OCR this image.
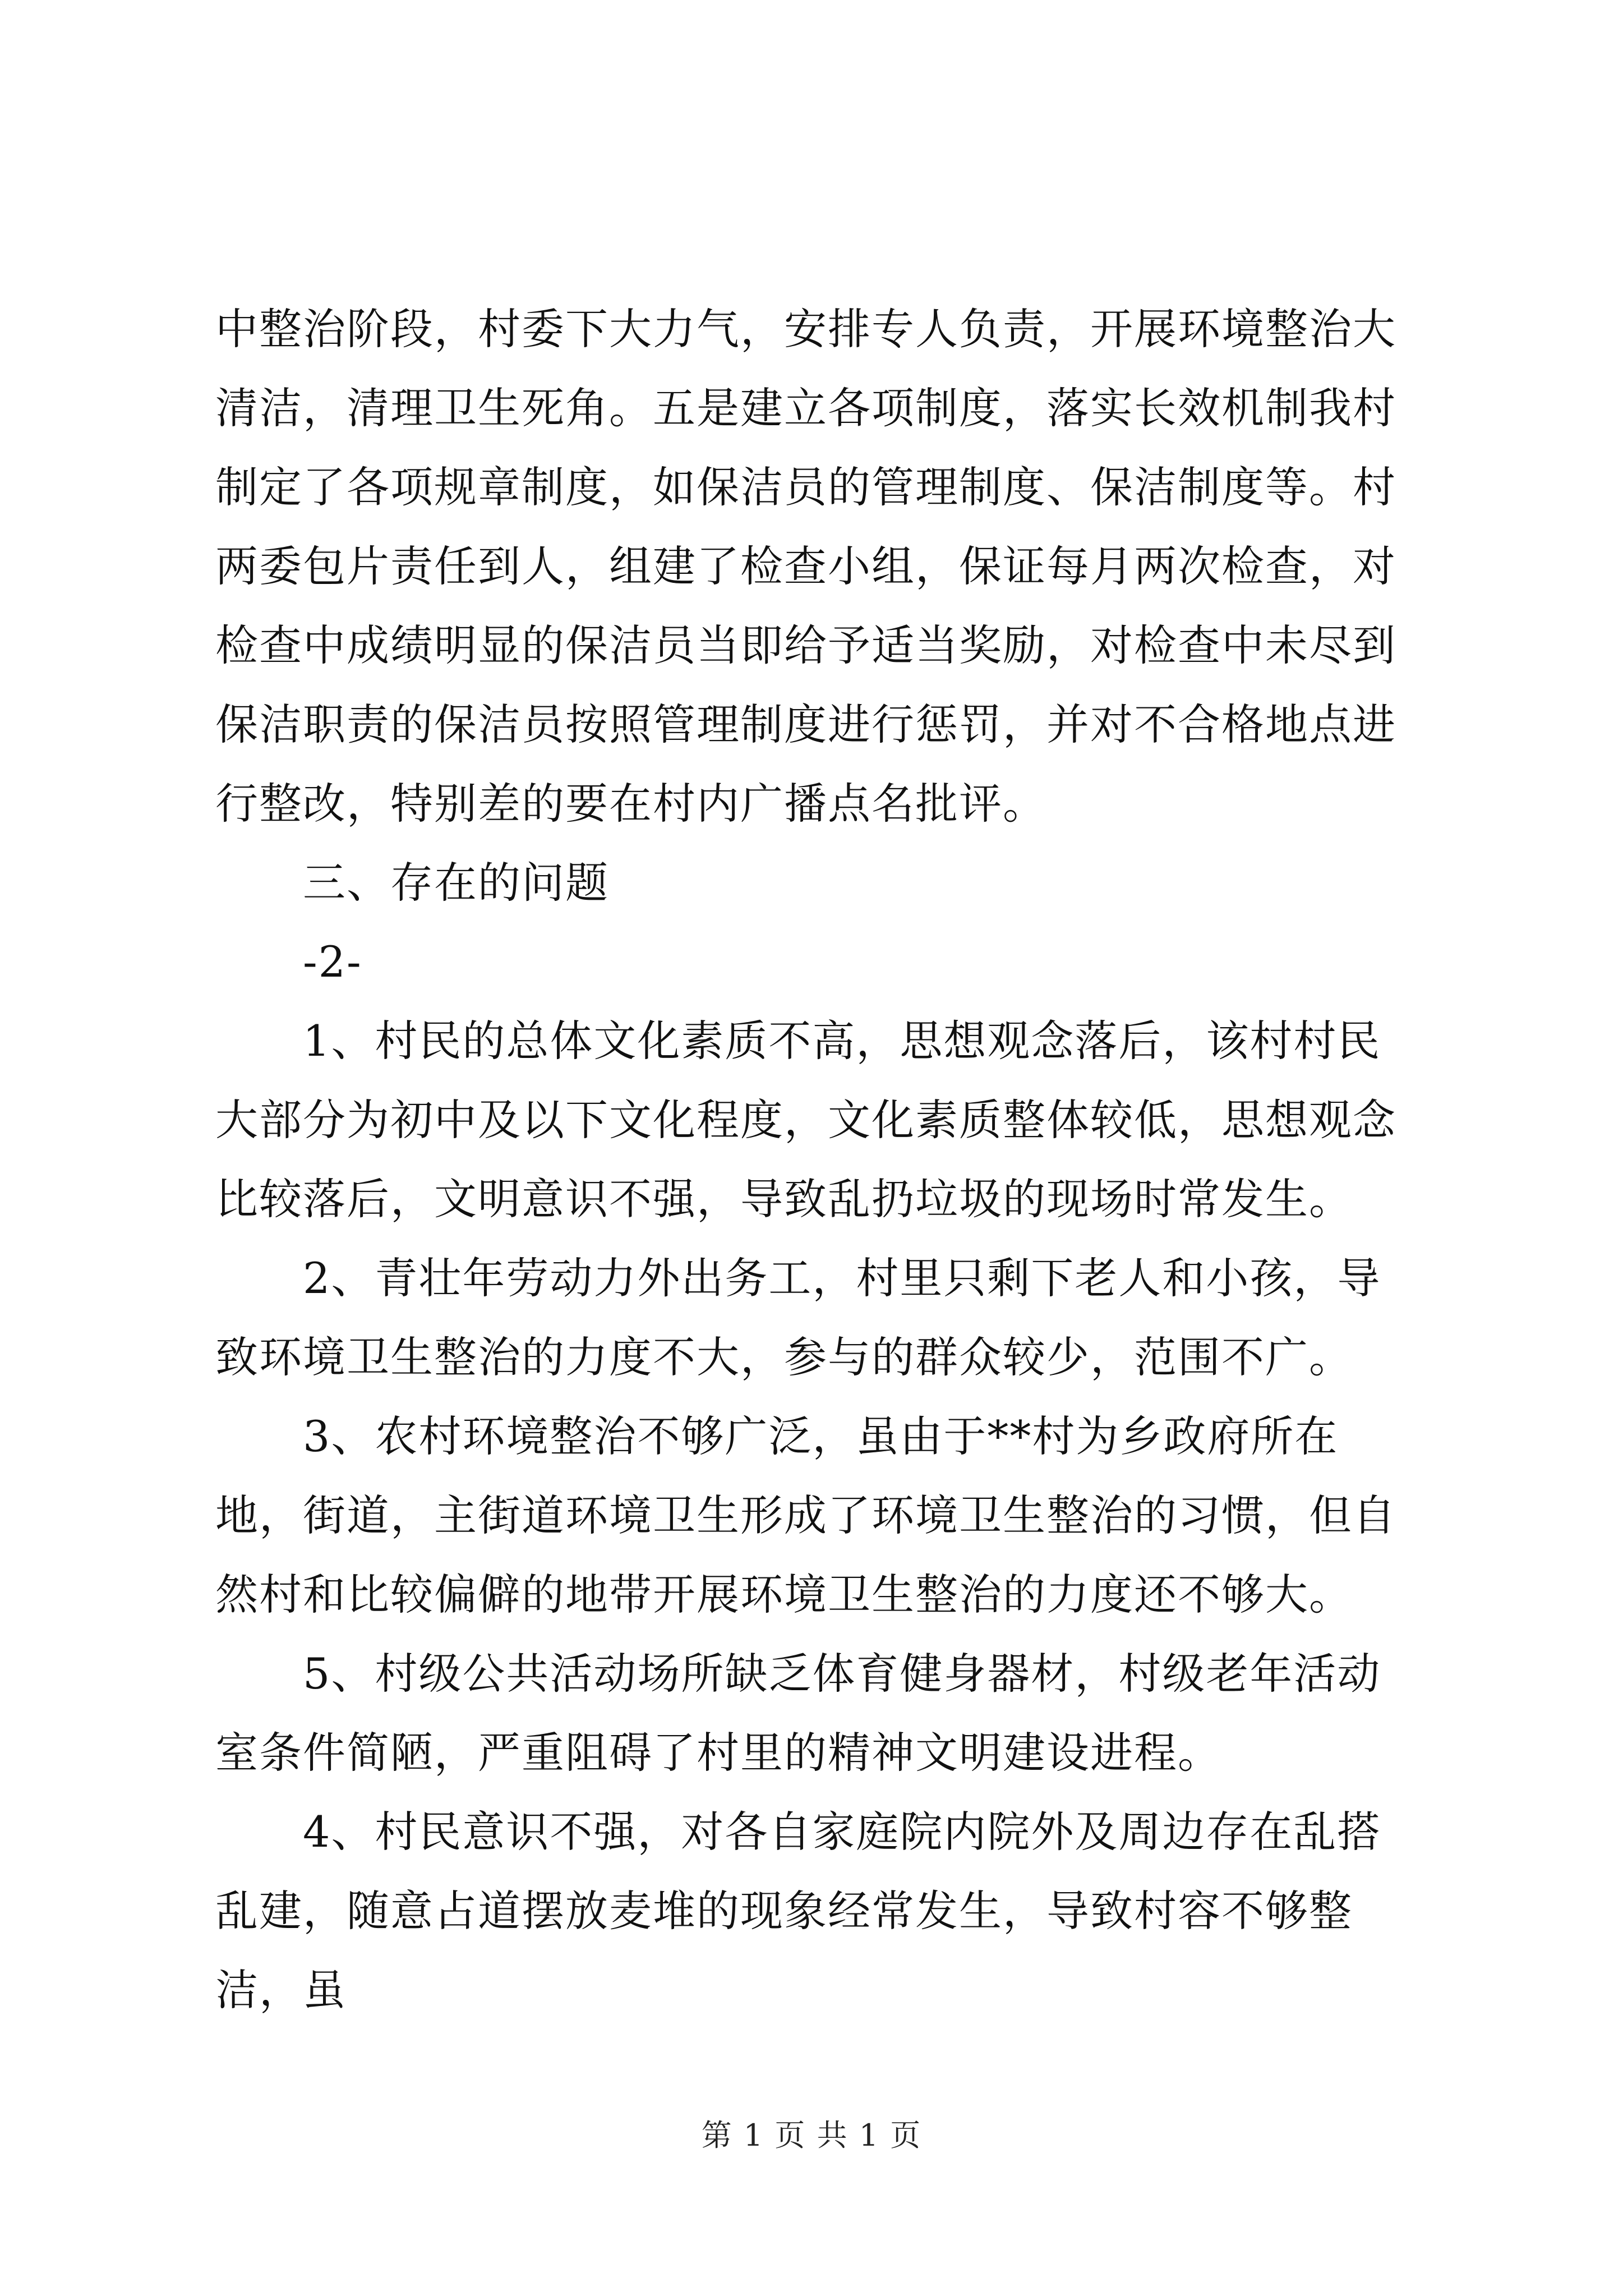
中整治阶段，村委下大力气，安排专人负责，开展环境整治大清洁，清理卫生死角。五是建立各项制度，落实长效机制我村制定了各项规章制度，如保洁员的管理制度、保洁制度等。村两委包片责任到人，组建了检查小组，保证每月两次检查，对检查中成绩明显的保洁员当即给予适当奖励，对检查中未尽到保洁职责的保洁员按照管理制度进行惩罚，并对不合格地点进行整改，特别差的要在村内广播点名批评。

三、存在的问题

-2-

1、村民的总体文化素质不高，思想观念落后，该村村民大部分为初中及以下文化程度，文化素质整体较低，思想观念比较落后，文明意识不强，导致乱扔垃圾的现场时常发生。

2、青壮年劳动力外出务工，村里只剩下老人和小孩，导致环境卫生整治的力度不大，参与的群众较少，范围不广。

3、农村环境整治不够广泛，虽由于**村为乡政府所在地，街道，主街道环境卫生形成了环境卫生整治的习惯，但自然村和比较偏僻的地带开展环境卫生整治的力度还不够大。

5、村级公共活动场所缺乏体育健身器材，村级老年活动室条件简陋，严重阻碍了村里的精神文明建设进程。

4、村民意识不强，对各自家庭院内院外及周边存在乱搭乱建，随意占道摆放麦堆的现象经常发生，导致村容不够整洁，虽

第 1 页 共 1 页
